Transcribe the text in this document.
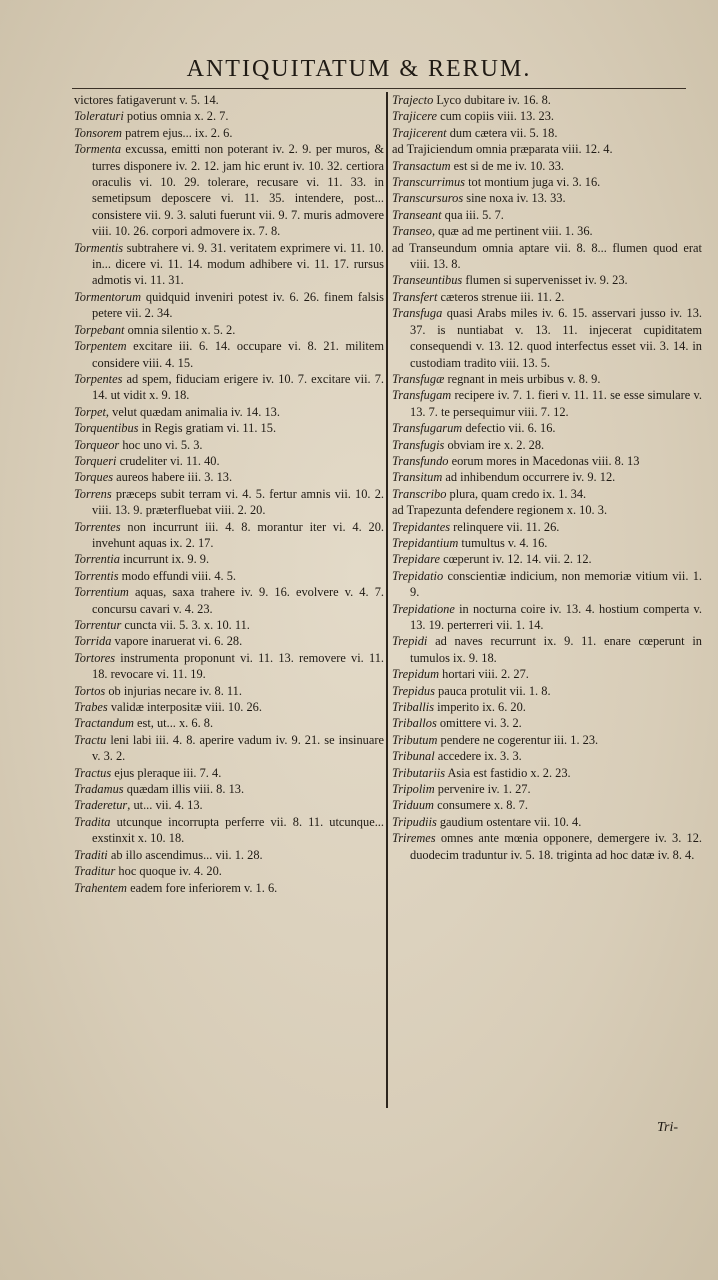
ANTIQUITATUM & RERUM.
victores fatigaverunt v. 5. 14.
Toleraturi potius omnia x. 2. 7.
Tonsorem patrem ejus... ix. 2. 6.
Tormenta excussa, emitti non poterant iv. 2. 9. per muros, & turres disponere iv. 2. 12. jam hic erunt iv. 10. 32. certiora oraculis vi. 10. 29. tolerare, recusare vi. 11. 33. in semetipsum deposcere vi. 11. 35. intendere, post... consistere vii. 9. 3. saluti fuerunt vii. 9. 7. muris admovere viii. 10. 26. corpori admovere ix. 7. 8.
Tormentis subtrahere vi. 9. 31. veritatem exprimere vi. 11. 10. in... dicere vi. 11. 14. modum adhibere vi. 11. 17. rursus admotis vi. 11. 31.
Tormentorum quidquid inveniri potest iv. 6. 26. finem falsis petere vii. 2. 34.
Torpebant omnia silentio x. 5. 2.
Torpentem excitare iii. 6. 14. occupare vi. 8. 21. militem considere viii. 4. 15.
Torpentes ad spem, fiduciam erigere iv. 10. 7. excitare vii. 7. 14. ut vidit x. 9. 18.
Torpet, velut quædam animalia iv. 14. 13.
Torquentibus in Regis gratiam vi. 11. 15.
Torqueor hoc uno vi. 5. 3.
Torqueri crudeliter vi. 11. 40.
Torques aureos habere iii. 3. 13.
Torrens præceps subit terram vi. 4. 5. fertur amnis vii. 10. 2. viii. 13. 9. præterfluebat viii. 2. 20.
Torrentes non incurrunt iii. 4. 8. morantur iter vi. 4. 20. invehunt aquas ix. 2. 17.
Torrentia incurrunt ix. 9. 9.
Torrentis modo effundi viii. 4. 5.
Torrentium aquas, saxa trahere iv. 9. 16. evolvere v. 4. 7. concursu cavari v. 4. 23.
Torrentur cuncta vii. 5. 3. x. 10. 11.
Torrida vapore inaruerat vi. 6. 28.
Tortores instrumenta proponunt vi. 11. 13. removere vi. 11. 18. revocare vi. 11. 19.
Tortos ob injurias necare iv. 8. 11.
Trabes validæ interpositæ viii. 10. 26.
Tractandum est, ut... x. 6. 8.
Tractu leni labi iii. 4. 8. aperire vadum iv. 9. 21. se insinuare v. 3. 2.
Tractus ejus pleraque iii. 7. 4.
Tradamus quædam illis viii. 8. 13.
Traderetur, ut... vii. 4. 13.
Tradita utcunque incorrupta perferre vii. 8. 11. utcunque... exstinxit x. 10. 18.
Traditi ab illo ascendimus... vii. 1. 28.
Traditur hoc quoque iv. 4. 20.
Trahentem eadem fore inferiorem v. 1. 6.
Trajecto Lyco dubitare iv. 16. 8.
Trajicere cum copiis viii. 13. 23.
Trajicerent dum cætera vii. 5. 18.
ad Trajiciendum omnia præparata viii. 12. 4.
Transactum est si de me iv. 10. 33.
Transcurrimus tot montium juga vi. 3. 16.
Transcursuros sine noxa iv. 13. 33.
Transeant qua iii. 5. 7.
Transeo, quæ ad me pertinent viii. 1. 36.
ad Transeundum omnia aptare vii. 8. 8... flumen quod erat viii. 13. 8.
Transeuntibus flumen si supervenisset iv. 9. 23.
Transfert cæteros strenue iii. 11. 2.
Transfuga quasi Arabs miles iv. 6. 15. asservari jusso iv. 13. 37. is nuntiabat v. 13. 11. injecerat cupiditatem consequendi v. 13. 12. quod interfectus esset vii. 3. 14. in custodiam tradito viii. 13. 5.
Transfugæ regnant in meis urbibus v. 8. 9.
Transfugam recipere iv. 7. 1. fieri v. 11. 11. se esse simulare v. 13. 7. te persequimur viii. 7. 12.
Transfugarum defectio vii. 6. 16.
Transfugis obviam ire x. 2. 28.
Transfundo eorum mores in Macedonas viii. 8. 13
Transitum ad inhibendum occurrere iv. 9. 12.
Transcribo plura, quam credo ix. 1. 34.
ad Trapezunta defendere regionem x. 10. 3.
Trepidantes relinquere vii. 11. 26.
Trepidantium tumultus v. 4. 16.
Trepidare cœperunt iv. 12. 14. vii. 2. 12.
Trepidatio conscientiæ indicium, non memoriæ vitium vii. 1. 9.
Trepidatione in nocturna coire iv. 13. 4. hostium comperta v. 13. 19. perterreri vii. 1. 14.
Trepidi ad naves recurrunt ix. 9. 11. enare cœperunt in tumulos ix. 9. 18.
Trepidum hortari viii. 2. 27.
Trepidus pauca protulit vii. 1. 8.
Triballis imperito ix. 6. 20.
Triballos omittere vi. 3. 2.
Tributum pendere ne cogerentur iii. 1. 23.
Tribunal accedere ix. 3. 3.
Tributariis Asia est fastidio x. 2. 23.
Tripolim pervenire iv. 1. 27.
Triduum consumere x. 8. 7.
Tripudiis gaudium ostentare vii. 10. 4.
Triremes omnes ante mœnia opponere, demergere iv. 3. 12. duodecim traduntur iv. 5. 18. triginta ad hoc datæ iv. 8. 4.
Tri-
